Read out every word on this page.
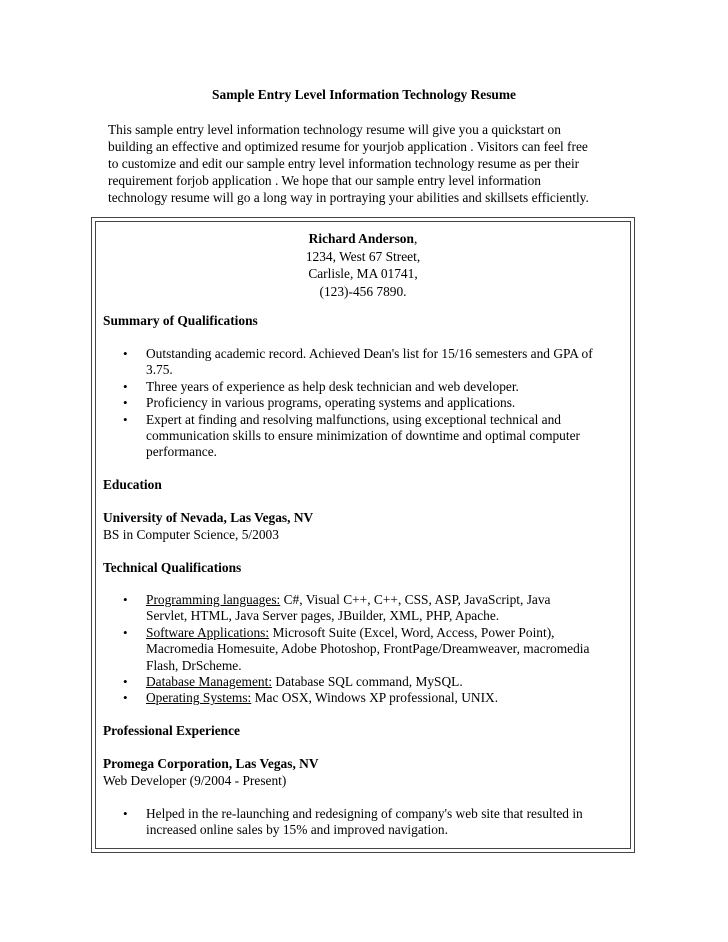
Sample Entry Level Information Technology Resume
This sample entry level information technology resume will give you a quickstart on
building an effective and optimized resume for yourjob application . Visitors can feel free
to customize and edit our sample entry level information technology resume as per their
requirement forjob application . We hope that our sample entry level information
technology resume will go a long way in portraying your abilities and skillsets efficiently.
Richard Anderson,
1234, West 67 Street,
Carlisle, MA 01741,
(123)-456 7890.
Summary of Qualifications
• Outstanding academic record. Achieved Dean's list for 15/16 semesters and GPA of
3.75.
• Three years of experience as help desk technician and web developer.
• Proficiency in various programs, operating systems and applications.
• Expert at finding and resolving malfunctions, using exceptional technical and
communication skills to ensure minimization of downtime and optimal computer
performance.
Education
University of Nevada, Las Vegas, NV
BS in Computer Science, 5/2003
Technical Qualifications
• Programming languages: C#, Visual C++, C++, CSS, ASP, JavaScript, Java
Servlet, HTML, Java Server pages, JBuilder, XML, PHP, Apache.
• Software Applications: Microsoft Suite (Excel, Word, Access, Power Point),
Macromedia Homesuite, Adobe Photoshop, FrontPage/Dreamweaver, macromedia
Flash, DrScheme.
• Database Management: Database SQL command, MySQL.
• Operating Systems: Mac OSX, Windows XP professional, UNIX.
Professional Experience
Promega Corporation, Las Vegas, NV
Web Developer (9/2004 - Present)
• Helped in the re-launching and redesigning of company's web site that resulted in
increased online sales by 15% and improved navigation.
